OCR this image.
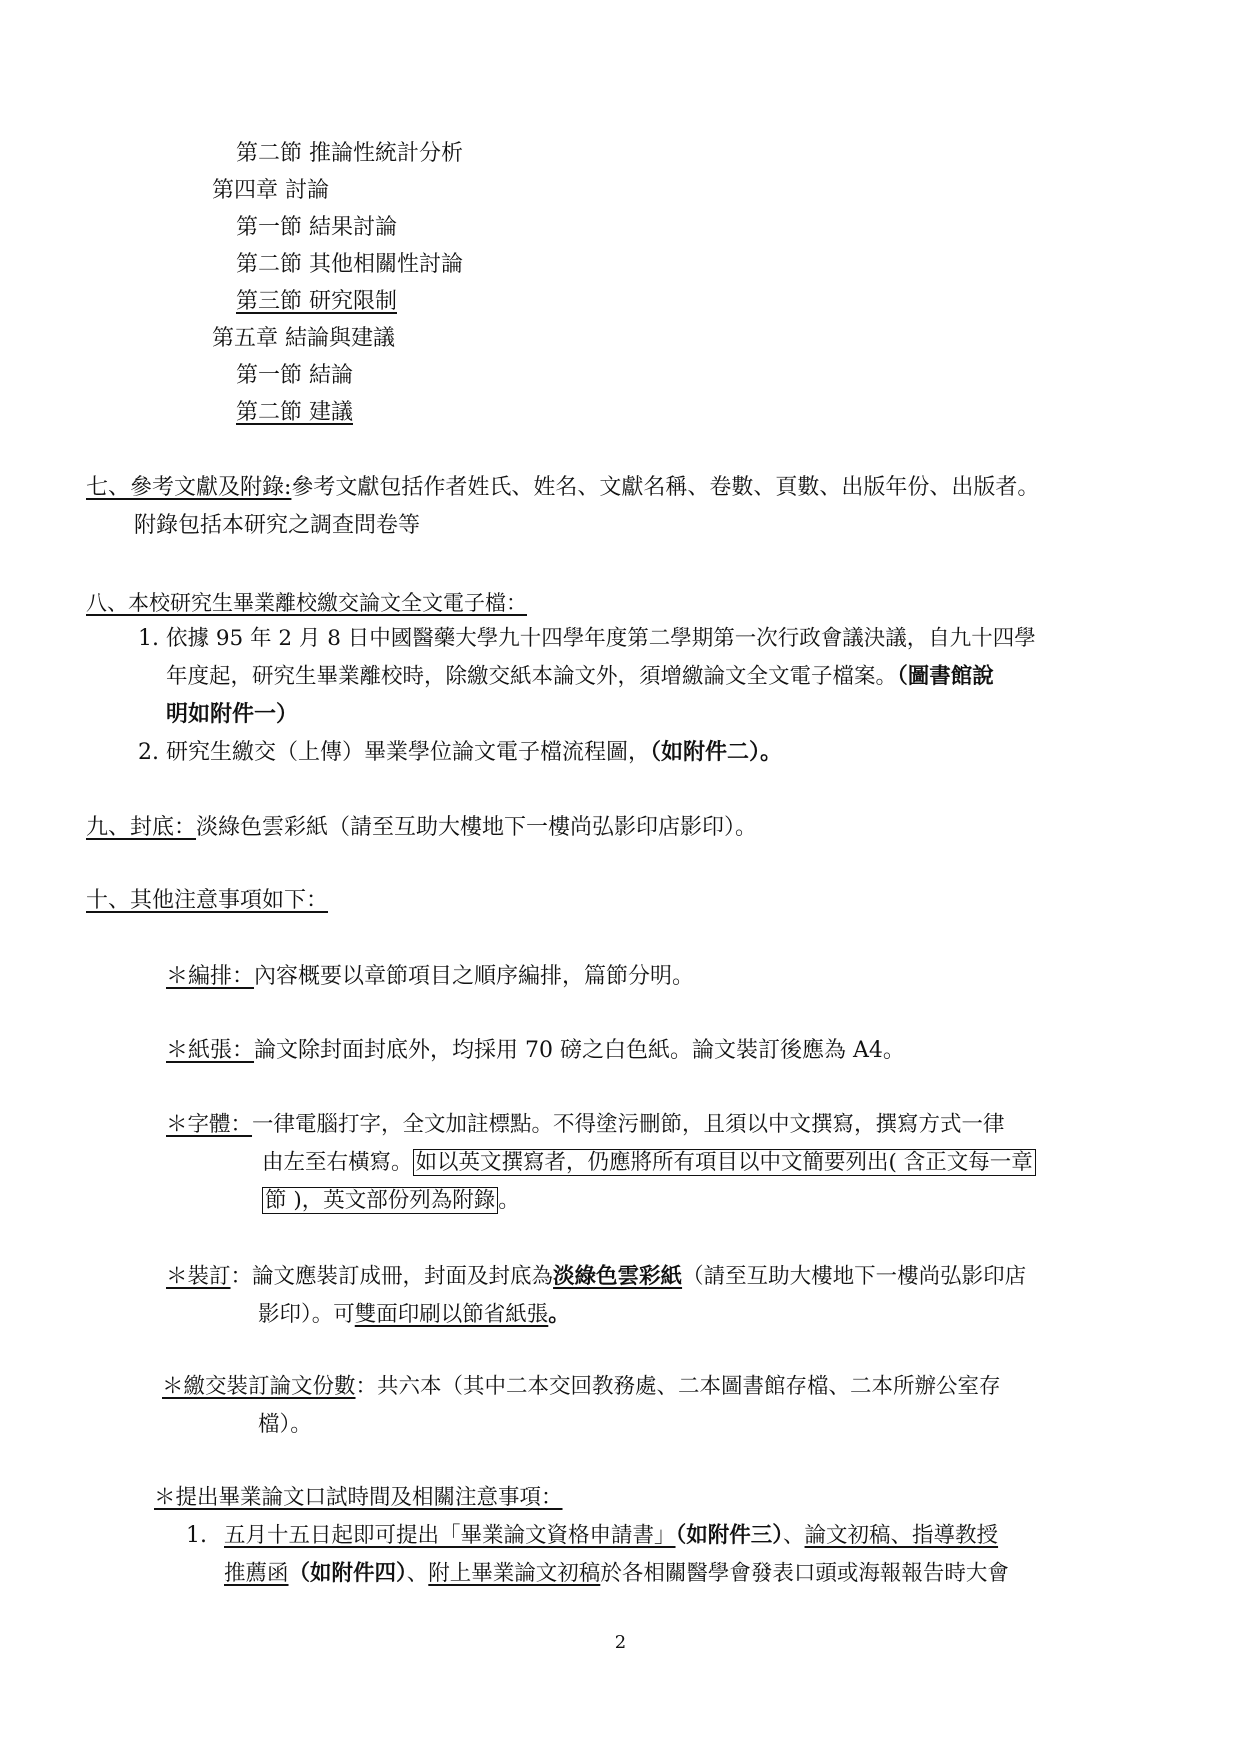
第二節 推論性統計分析
第四章 討論
第一節 結果討論
第二節 其他相關性討論
第三節 研究限制
第五章 結論與建議
第一節 結論
第二節 建議
七、參考文獻及附錄:參考文獻包括作者姓氏、姓名、文獻名稱、卷數、頁數、出版年份、出版者。
附錄包括本研究之調查問卷等
八、本校研究生畢業離校繳交論文全文電子檔：
1. 依據 95 年 2 月 8 日中國醫藥大學九十四學年度第二學期第一次行政會議決議，自九十四學
年度起，研究生畢業離校時，除繳交紙本論文外，須增繳論文全文電子檔案。（圖書館說
明如附件一）
2. 研究生繳交（上傳）畢業學位論文電子檔流程圖，（如附件二）。
九、封底：淡綠色雲彩紙（請至互助大樓地下一樓尚弘影印店影印）。
十、其他注意事項如下：
＊編排：內容概要以章節項目之順序編排，篇節分明。
＊紙張：論文除封面封底外，均採用 70 磅之白色紙。論文裝訂後應為 A4。
＊字體：一律電腦打字，全文加註標點。不得塗污刪節，且須以中文撰寫，撰寫方式一律
由左至右橫寫。 如以英文撰寫者，仍應將所有項目以中文簡要列出( 含正文每一章
節 )，英文部份列為附錄 。
＊裝訂：論文應裝訂成冊，封面及封底為淡綠色雲彩紙（請至互助大樓地下一樓尚弘影印店
影印）。可雙面印刷以節省紙張。
＊繳交裝訂論文份數：共六本（其中二本交回教務處、二本圖書館存檔、二本所辦公室存
檔）。
＊提出畢業論文口試時間及相關注意事項：
1. 五月十五日起即可提出「畢業論文資格申請書」（如附件三）、論文初稿、指導教授
推薦函（如附件四）、附上畢業論文初稿於各相關醫學會發表口頭或海報報告時大會
2
